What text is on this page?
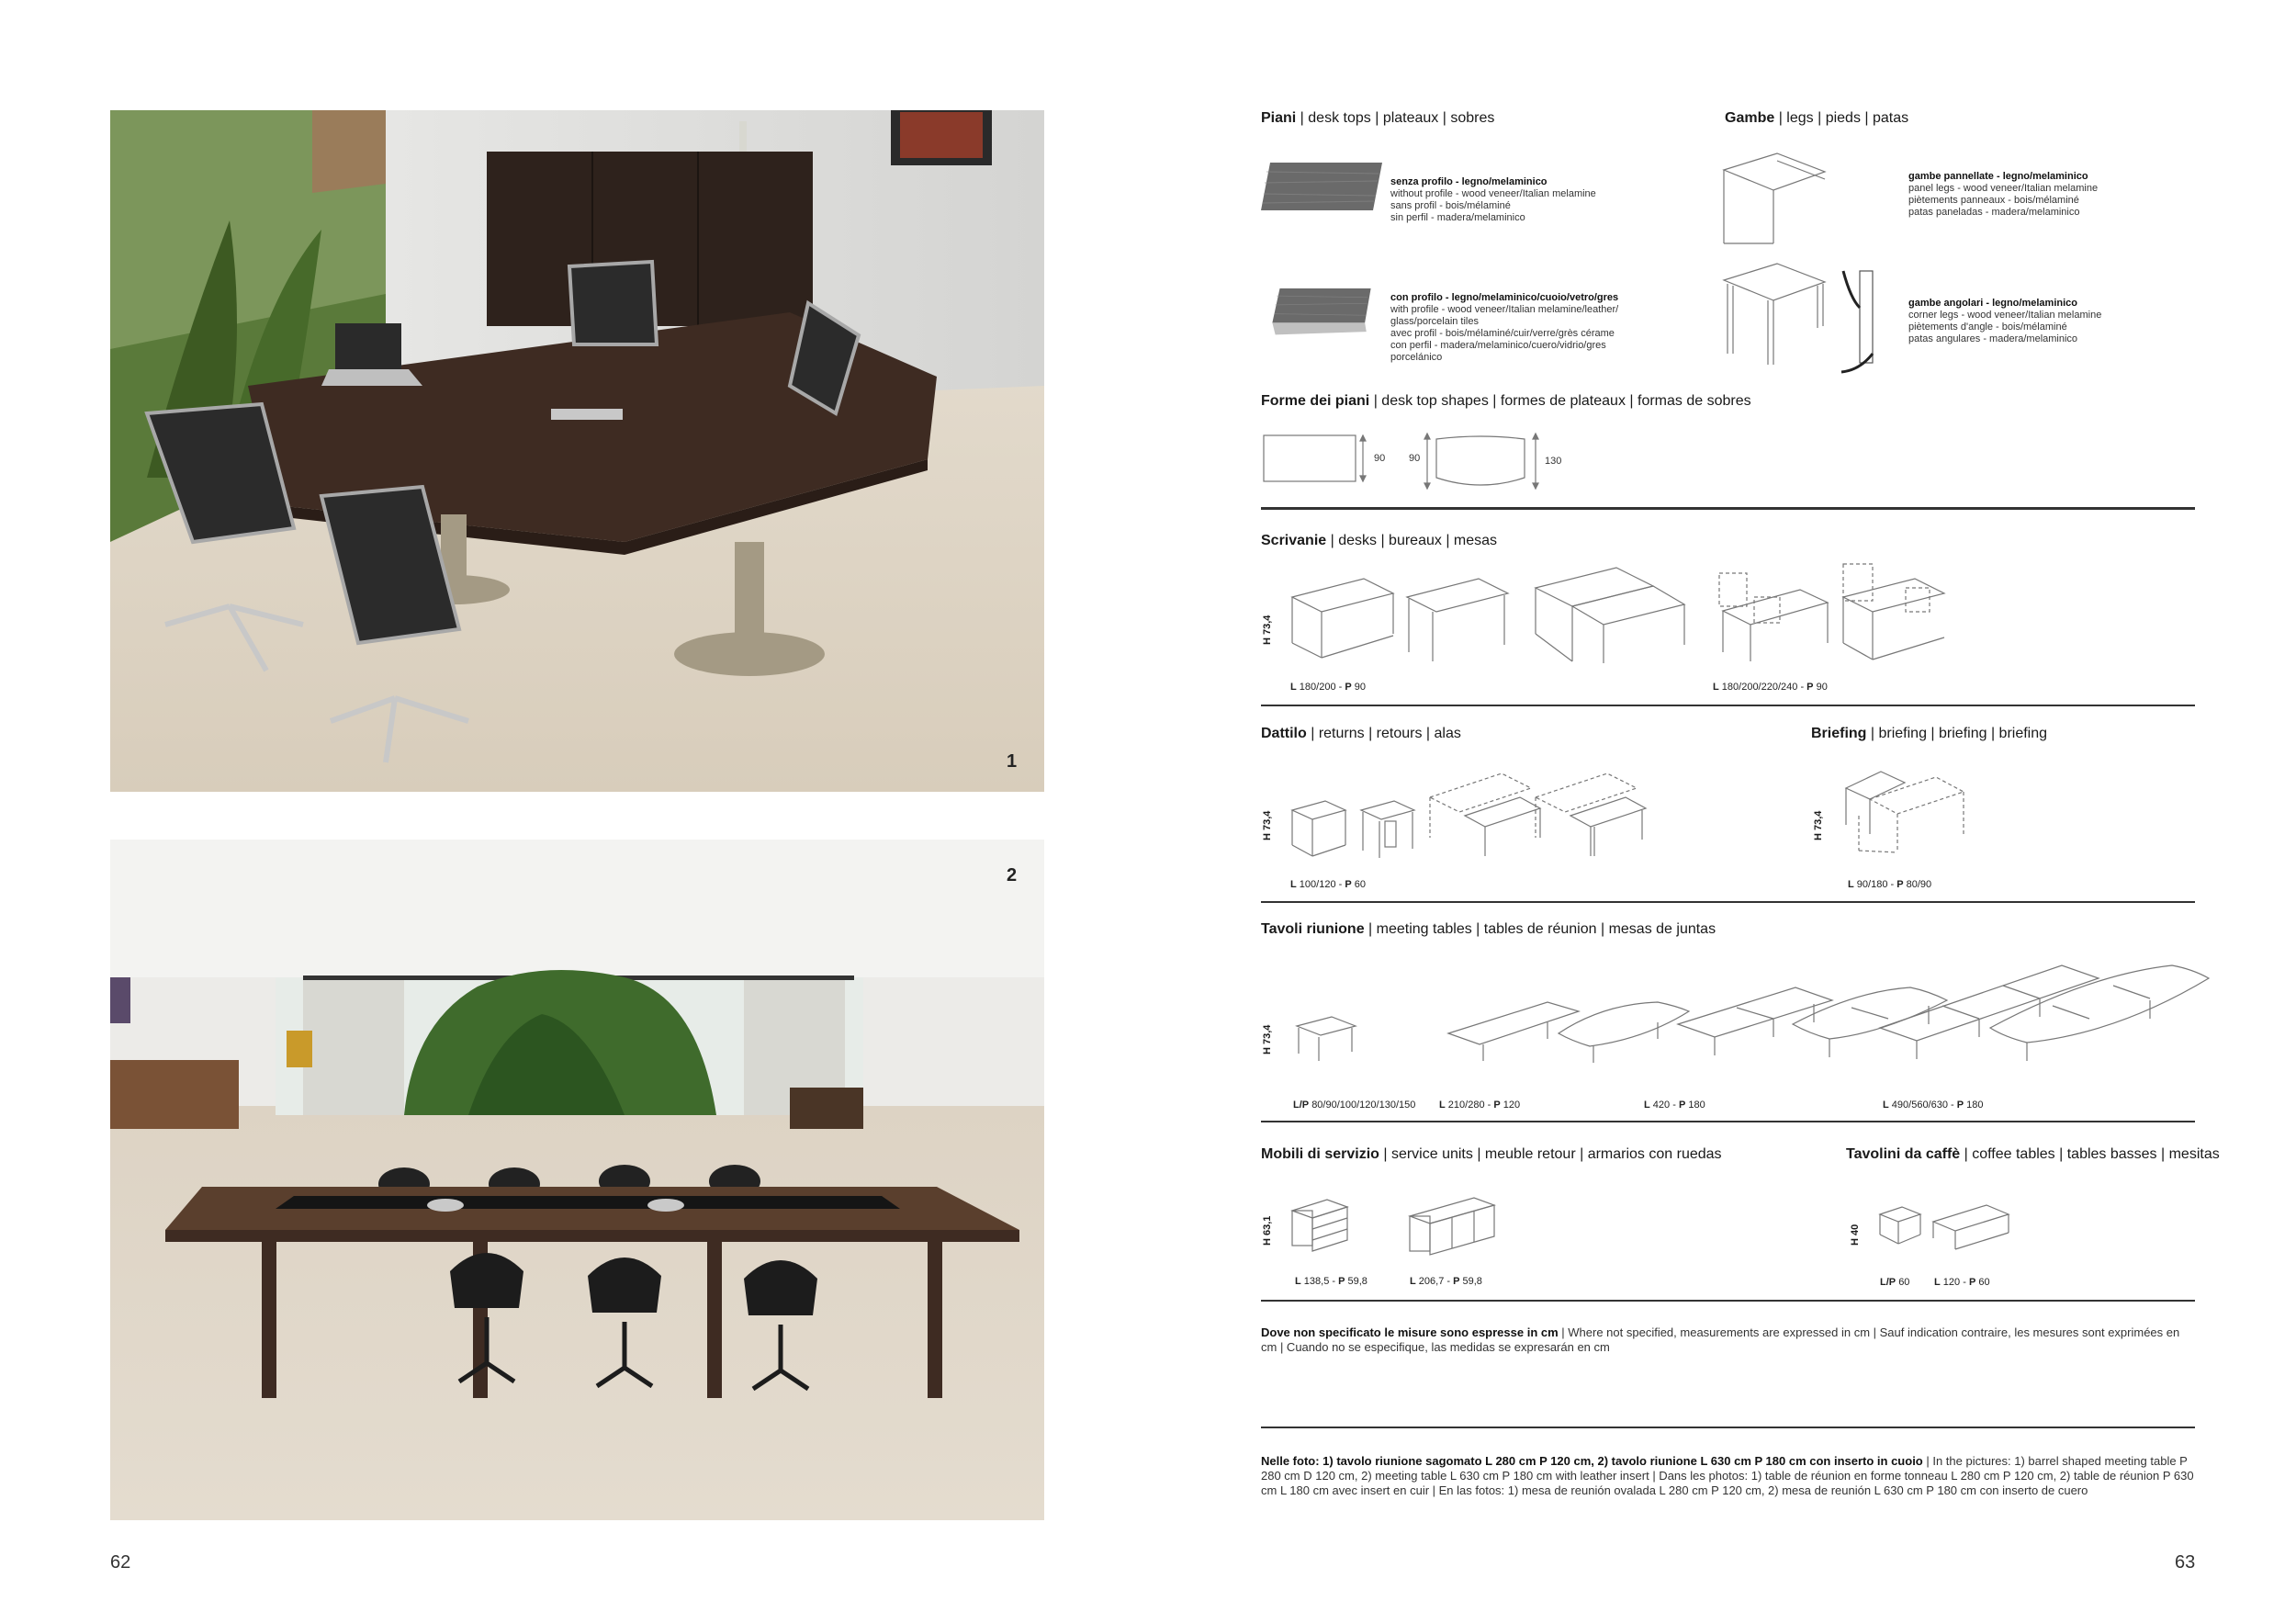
1
2
62	63
Piani | desk tops | plateaux | sobres
senza profilo - legno/melaminico
without profile - wood veneer/Italian melamine
sans profil - bois/mélaminé
sin perfil - madera/melaminico
con profilo - legno/melaminico/cuoio/vetro/gres
with profile - wood veneer/Italian melamine/leather/
glass/porcelain tiles
avec profil - bois/mélaminé/cuir/verre/grès cérame
con perfil - madera/melaminico/cuero/vidrio/gres
porcelánico
Gambe | legs | pieds | patas
gambe pannellate - legno/melaminico
panel legs - wood veneer/Italian melamine
piètements panneaux - bois/mélaminé
patas paneladas - madera/melaminico
gambe angolari - legno/melaminico
corner legs - wood veneer/Italian melamine
piètements d'angle - bois/mélaminé
patas angulares - madera/melaminico
Forme dei piani | desk top shapes | formes de plateaux | formas de sobres
90 90	130
Scrivanie | desks | bureaux | mesas
H 73,4
L 180/200 - P 90	L 180/200/220/240 - P 90
Dattilo | returns | retours | alas
H 73,4
L 100/120 - P 60
Briefing | briefing | briefing | briefing
H 73,4
L 90/180 - P 80/90
Tavoli riunione | meeting tables | tables de réunion | mesas de juntas
H 73,4
L/P 80/90/100/120/130/150 L 210/280 - P 120	L 420 - P 180	L 490/560/630 - P 180
Mobili di servizio | service units | meuble retour | armarios con ruedas
H 63,1
L 138,5 - P 59,8	L 206,7 - P 59,8
Tavolini da caffè | coffee tables | tables basses | mesitas
H 40
L/P 60 L 120 - P 60
Dove non specificato le misure sono espresse in cm | Where not specified, measurements are expressed in cm | Sauf indication contraire, les mesures sont exprimées en cm | Cuando no se especifique, las medidas se expresarán en cm
Nelle foto: 1) tavolo riunione sagomato L 280 cm P 120 cm, 2) tavolo riunione L 630 cm P 180 cm con inserto in cuoio | In the pictures: 1) barrel shaped meeting table P 280 cm D 120 cm, 2) meeting table L 630 cm P 180 cm with leather insert | Dans les photos: 1) table de réunion en forme tonneau L 280 cm P 120 cm, 2) table de réunion P 630 cm L 180 cm avec insert en cuir | En las fotos: 1) mesa de reunión ovalada L 280 cm P 120 cm, 2) mesa de reunión L 630 cm P 180 cm con inserto de cuero
